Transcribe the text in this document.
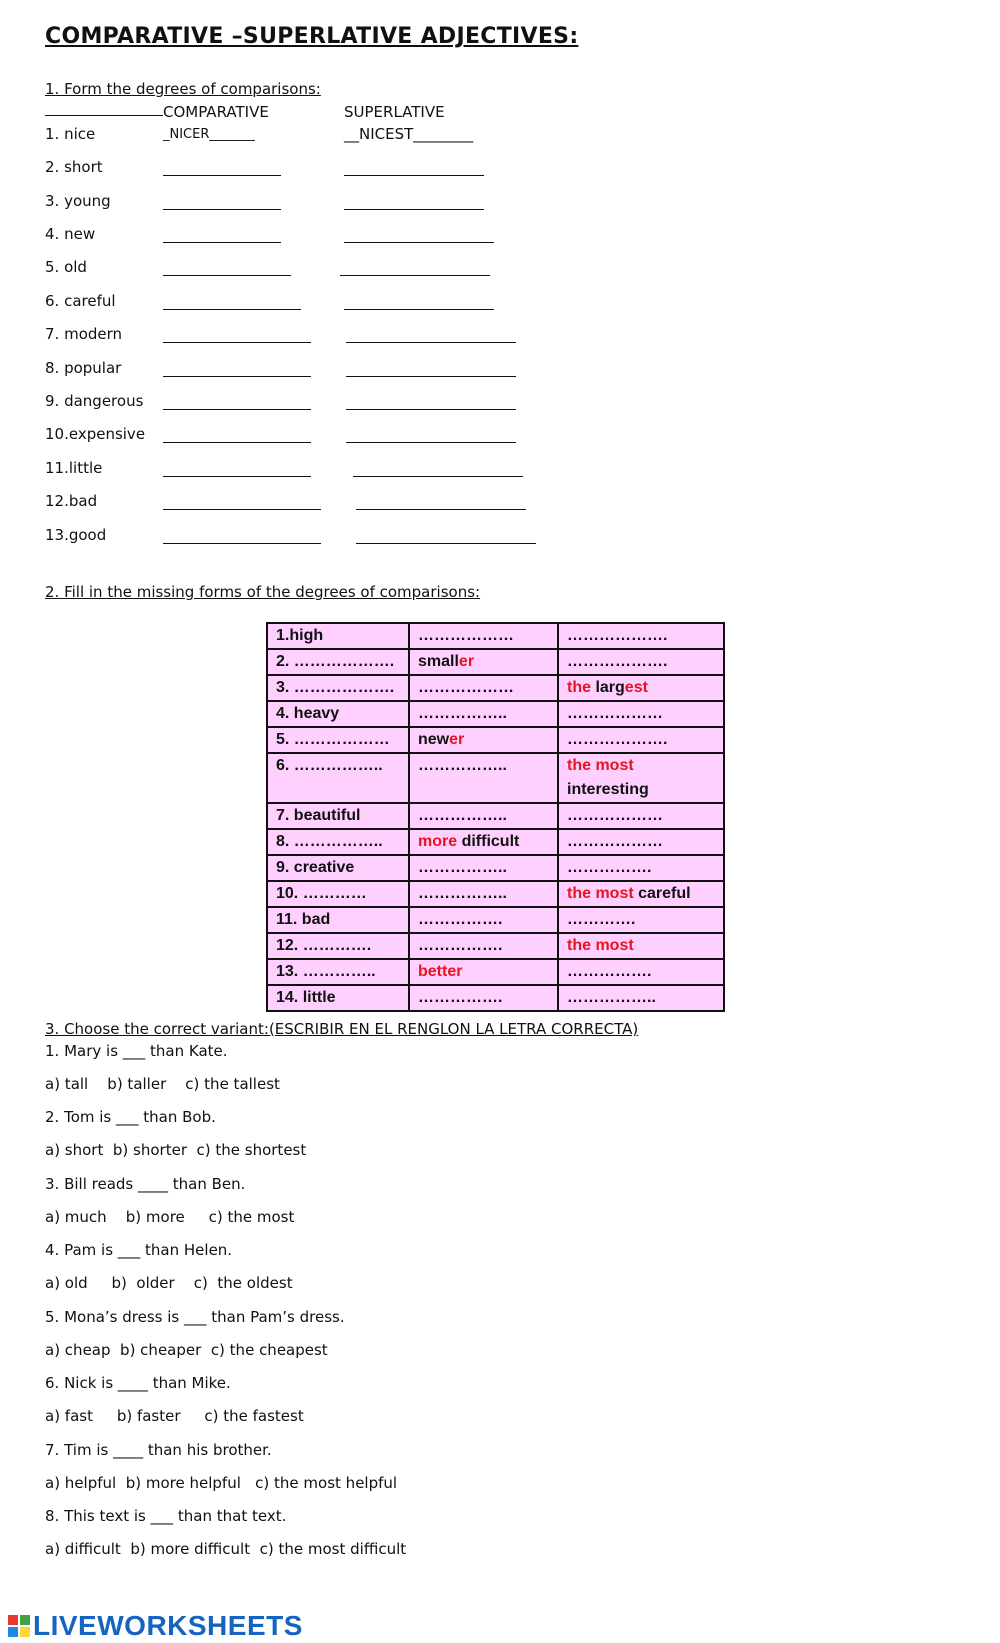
COMPARATIVE –SUPERLATIVE ADJECTIVES:
1. Form the degrees of comparisons:
COMPARATIVE	SUPERLATIVE
1. nice	_NICER_______	__NICEST________
2. short
3. young
4. new
5. old
6. careful
7. modern
8. popular
9. dangerous
10.expensive
11.little
12.bad
13.good
2. Fill in the missing forms of the degrees of comparisons:
1.high	………………	……………….
2. ……………….	smaller	……………….
3. ……………….	………………	the largest
4. heavy	……………..	………………
5. ………………	newer	……………….
6. ……………..	……………..	the most
interesting
7. beautiful	……………..	………………
8. ……………..	more difficult	………………
9. creative	……………..	…………….
10. …………	……………..	the most careful
11. bad	…………….	………….
12. ………….	…………….	the most
13. …………..	better	…………….
14. little	…………….	……………..
3. Choose the correct variant:(ESCRIBIR EN EL RENGLON LA LETRA CORRECTA)
1. Mary is ___ than Kate.
a) tall    b) taller    c) the tallest
2. Tom is ___ than Bob.
a) short  b) shorter  c) the shortest
3. Bill reads ____ than Ben.
a) much    b) more     c) the most
4. Pam is ___ than Helen.
a) old     b)  older    c)  the oldest
5. Mona’s dress is ___ than Pam’s dress.
a) cheap  b) cheaper  c) the cheapest
6. Nick is ____ than Mike.
a) fast     b) faster     c) the fastest
7. Tim is ____ than his brother.
a) helpful  b) more helpful   c) the most helpful
8. This text is ___ than that text.
a) difficult  b) more difficult  c) the most difficult
LIVEWORKSHEETS
